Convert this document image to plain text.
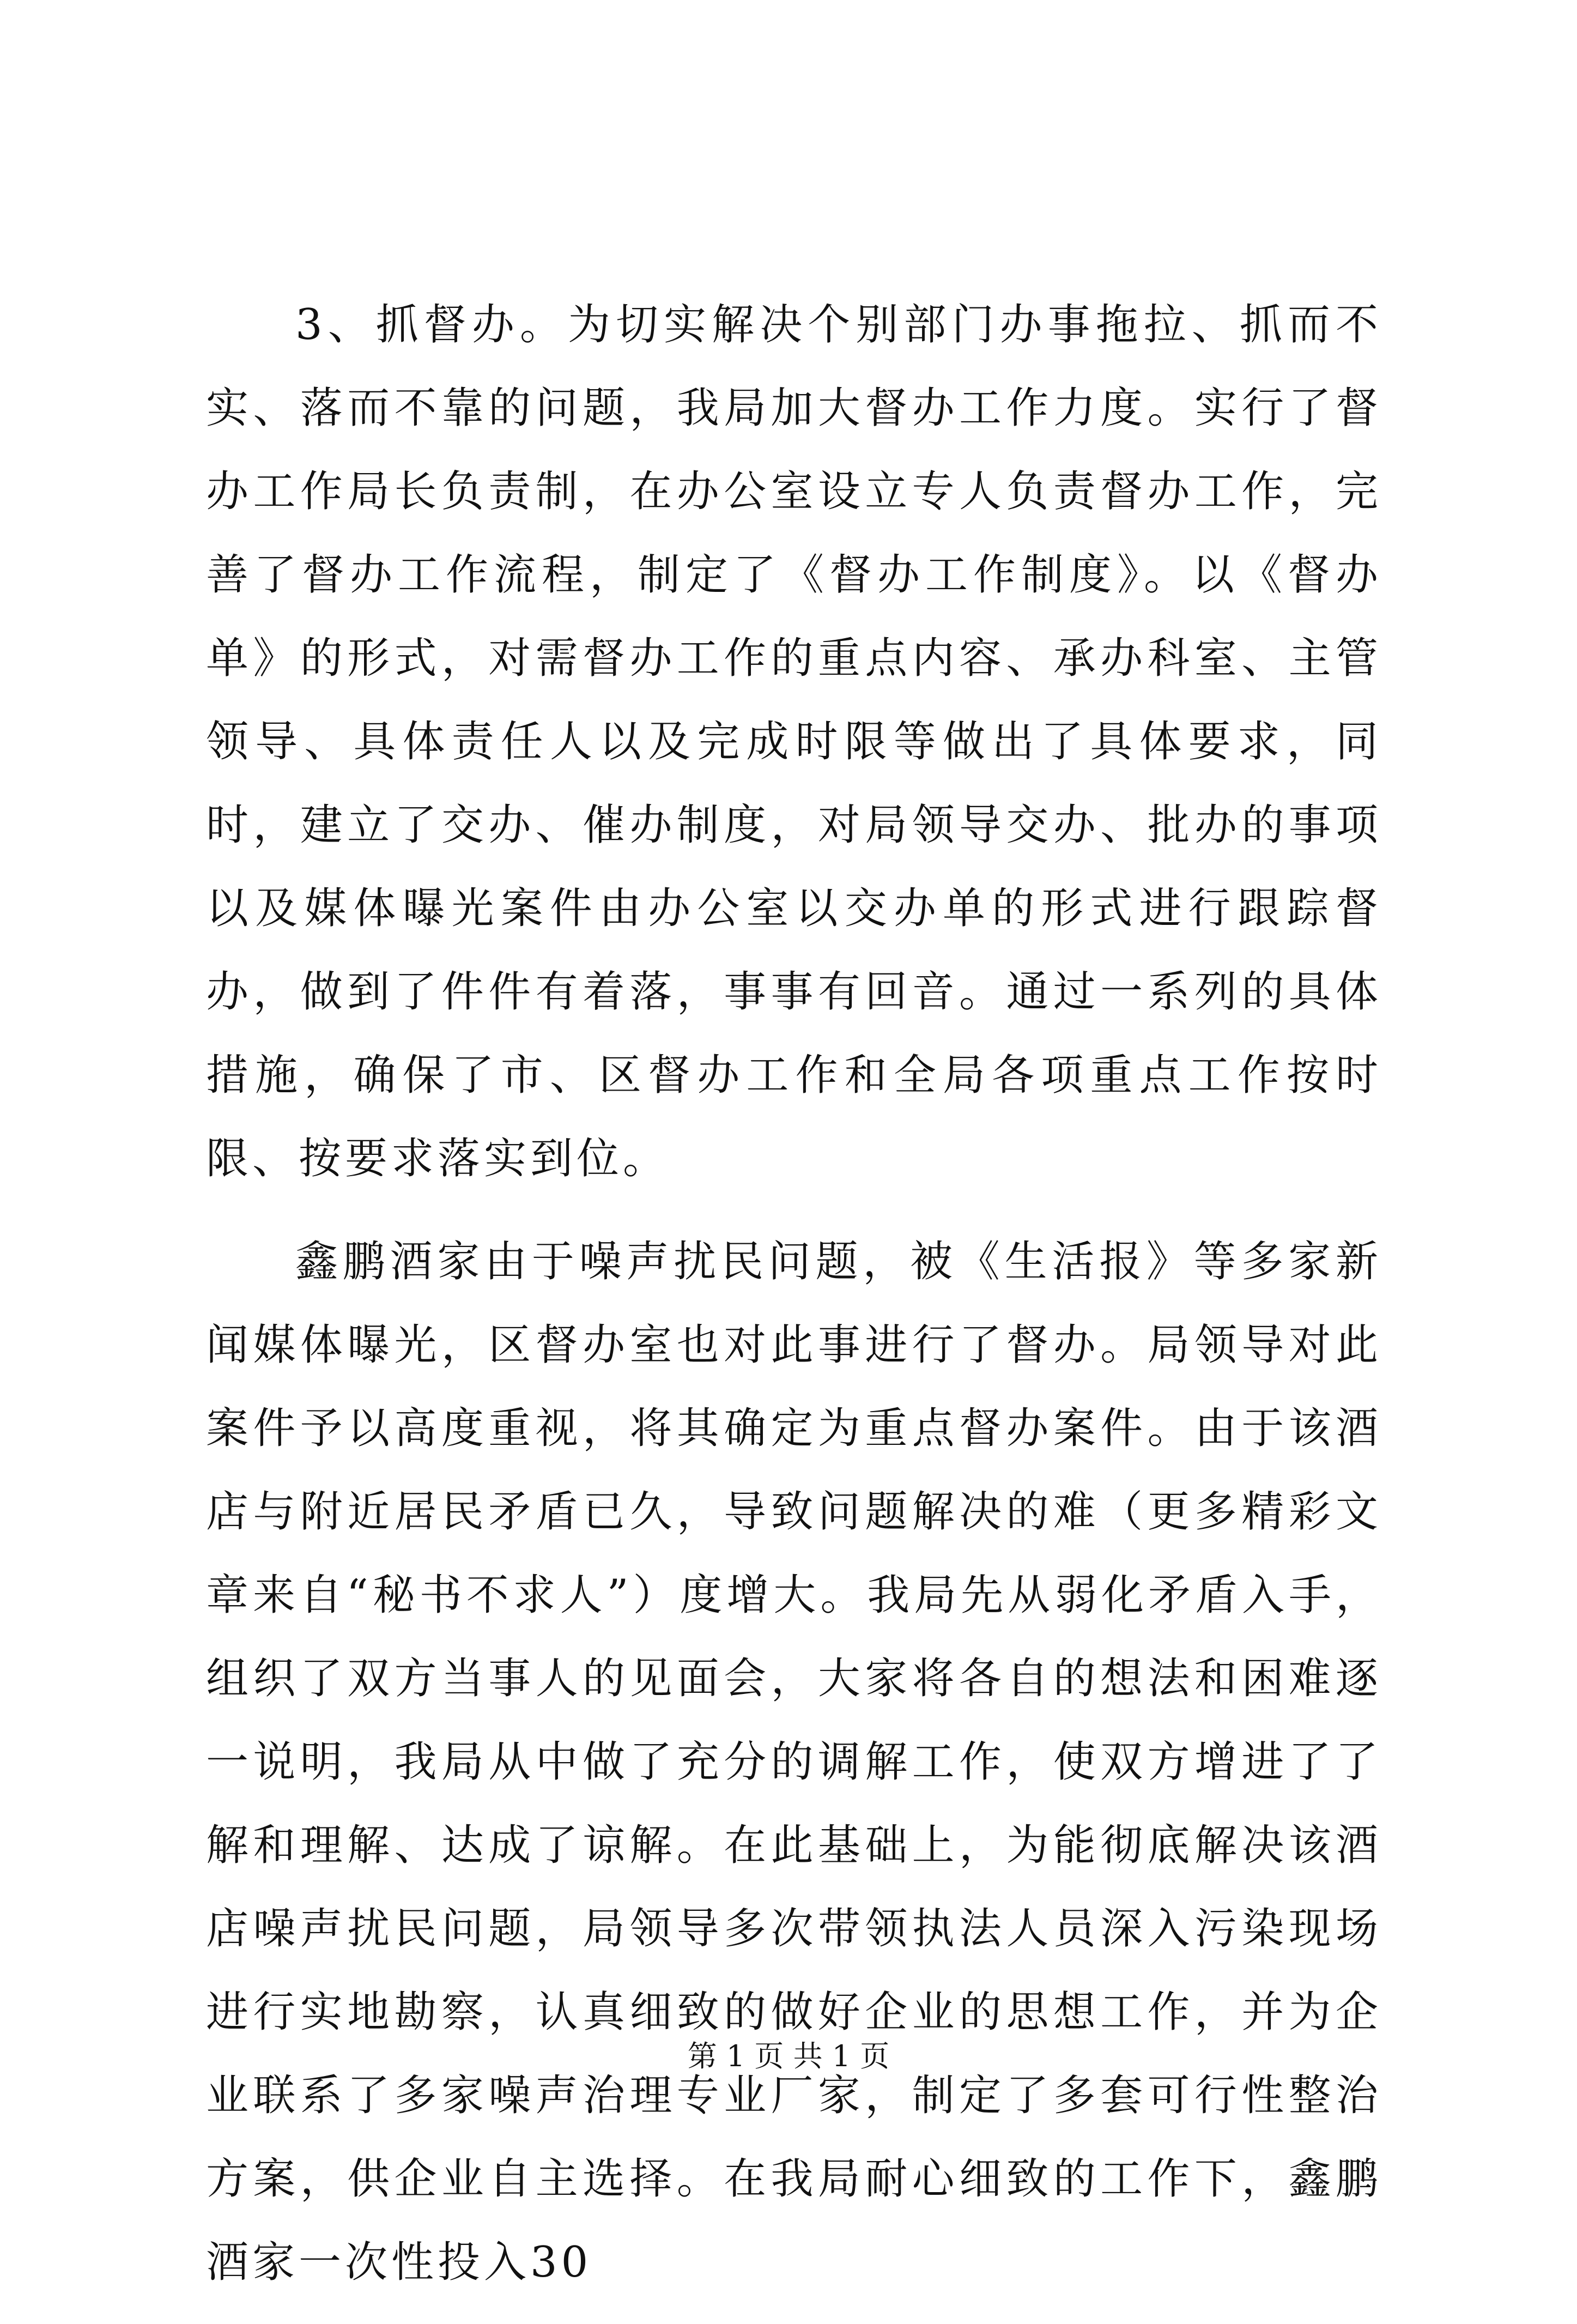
3、抓督办。为切实解决个别部门办事拖拉、抓而不实、落而不靠的问题，我局加大督办工作力度。实行了督办工作局长负责制，在办公室设立专人负责督办工作，完善了督办工作流程，制定了《督办工作制度》。以《督办单》的形式，对需督办工作的重点内容、承办科室、主管领导、具体责任人以及完成时限等做出了具体要求，同时，建立了交办、催办制度，对局领导交办、批办的事项以及媒体曝光案件由办公室以交办单的形式进行跟踪督办，做到了件件有着落，事事有回音。通过一系列的具体措施，确保了市、区督办工作和全局各项重点工作按时限、按要求落实到位。

鑫鹏酒家由于噪声扰民问题，被《生活报》等多家新闻媒体曝光，区督办室也对此事进行了督办。局领导对此案件予以高度重视，将其确定为重点督办案件。由于该酒店与附近居民矛盾已久，导致问题解决的难（更多精彩文章来自“秘书不求人”）度增大。我局先从弱化矛盾入手，组织了双方当事人的见面会，大家将各自的想法和困难逐一说明，我局从中做了充分的调解工作，使双方增进了了解和理解、达成了谅解。在此基础上，为能彻底解决该酒店噪声扰民问题，局领导多次带领执法人员深入污染现场进行实地勘察，认真细致的做好企业的思想工作，并为企业联系了多家噪声治理专业厂家，制定了多套可行性整治方案，供企业自主选择。在我局耐心细致的工作下，鑫鹏酒家一次性投入30

第 1 页 共 1 页
